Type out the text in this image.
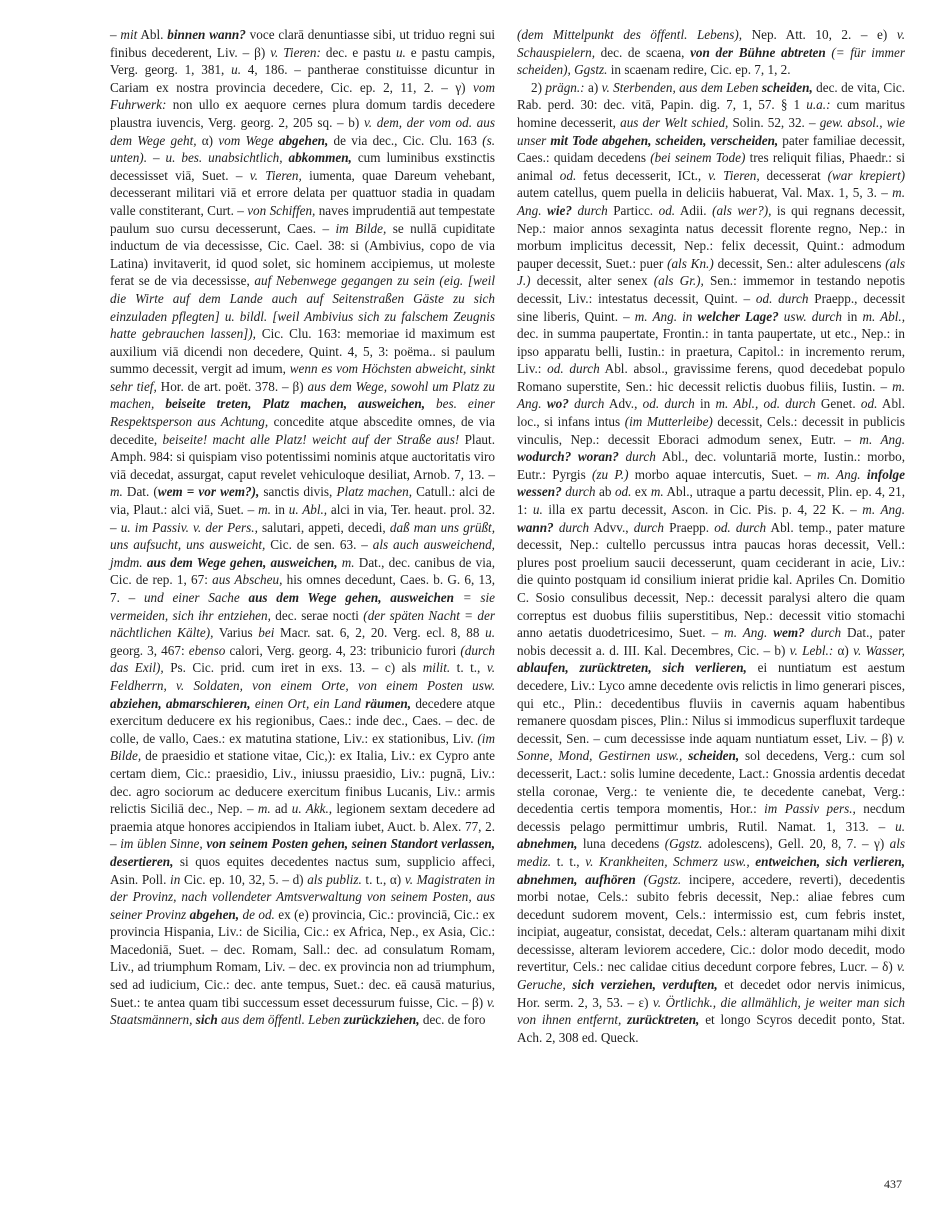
– mit Abl. binnen wann? voce clarā denuntiasse sibi, ut triduo regni sui finibus decederent, Liv. – β) v. Tieren: dec. e pastu u. e pastu campis, Verg. georg. 1, 381, u. 4, 186. – pantherae constituisse dicuntur in Cariam ex nostra provincia decedere, Cic. ep. 2, 11, 2. – γ) vom Fuhrwerk: non ullo ex aequore cernes plura domum tardis decedere plaustra iuvencis, Verg. georg. 2, 205 sq. – b) v. dem, der vom od. aus dem Wege geht, α) vom Wege abgehen, de via dec., Cic. Clu. 163 (s. unten). – u. bes. unabsichtlich, abkommen, cum luminibus exstinctis decessisset viā, Suet. – v. Tieren, iumenta, quae Dareum vehebant, decesserant militari viā et errore delata per quattuor stadia in quadam valle constiterant, Curt. – von Schiffen, naves imprudentiā aut tempestate paulum suo cursu decesserunt, Caes. – im Bilde, se nullā cupiditate inductum de via decessisse, Cic. Cael. 38: si (Ambivius, copo de via Latina) invitaverit, id quod solet, sic hominem accipiemus, ut moleste ferat se de via decessisse, auf Nebenwege gegangen zu sein (eig. [weil die Wirte auf dem Lande auch auf Seitenstraßen Gäste zu sich einzuladen pflegten] u. bildl. [weil Ambivius sich zu falschem Zeugnis hatte gebrauchen lassen]), Cic. Clu. 163: memoriae id maximum est auxilium viā dicendi non decedere, Quint. 4, 5, 3: poëma.. si paulum summo decessit, vergit ad imum, wenn es vom Höchsten abweicht, sinkt sehr tief, Hor. de art. poët. 378. – β) aus dem Wege, sowohl um Platz zu machen, beiseite treten, Platz machen, ausweichen, bes. einer Respektsperson aus Achtung, concedite atque abscedite omnes, de via decedite, beiseite! macht alle Platz! weicht auf der Straße aus! Plaut. Amph. 984: si quispiam viso potentissimi nominis atque auctoritatis viro viā decedat, assurgat, caput revelet vehiculoque desiliat, Arnob. 7, 13. – m. Dat. (wem = vor wem?), sanctis divis, Platz machen, Catull.: alci de via, Plaut.: alci viā, Suet. – m. in u. Abl., alci in via, Ter. heaut. prol. 32. – u. im Passiv. v. der Pers., salutari, appeti, decedi, daß man uns grüßt, uns aufsucht, uns ausweicht, Cic. de sen. 63. – als auch ausweichend, jmdm. aus dem Wege gehen, ausweichen, m. Dat., dec. canibus de via, Cic. de rep. 1, 67: aus Abscheu, his omnes decedunt, Caes. b. G. 6, 13, 7. – und einer Sache aus dem Wege gehen, ausweichen = sie vermeiden, sich ihr entziehen, dec. serae nocti (der späten Nacht = der nächtlichen Kälte), Varius bei Macr. sat. 6, 2, 20. Verg. ecl. 8, 88 u. georg. 3, 467: ebenso calori, Verg. georg. 4, 23: tribunicio furori (durch das Exil), Ps. Cic. prid. cum iret in exs. 13. – c) als milit. t. t., v. Feldherrn, v. Soldaten, von einem Orte, von einem Posten usw. abziehen, abmarschieren, einen Ort, ein Land räumen, decedere atque exercitum deducere ex his regionibus, Caes.: inde dec., Caes. – dec. de colle, de vallo, Caes.: ex matutina statione, Liv.: ex stationibus, Liv. (im Bilde, de praesidio et statione vitae, Cic,): ex Italia, Liv.: ex Cypro ante certam diem, Cic.: praesidio, Liv., iniussu praesidio, Liv.: pugnā, Liv.: dec. agro sociorum ac deducere exercitum finibus Lucanis, Liv.: armis relictis Siciliā dec., Nep. – m. ad u. Akk., legionem sextam decedere ad praemia atque honores accipiendos in Italiam iubet, Auct. b. Alex. 77, 2. – im üblen Sinne, von seinem Posten gehen, seinen Standort verlassen, desertieren, si quos equites decedentes nactus sum, supplicio affeci, Asin. Poll. in Cic. ep. 10, 32, 5. – d) als publiz. t. t., α) v. Magistraten in der Provinz, nach vollendeter Amtsverwaltung von seinem Posten, aus seiner Provinz abgehen, de od. ex (e) provincia, Cic.: provinciā, Cic.: ex provincia Hispania, Liv.: de Sicilia, Cic.: ex Africa, Nep., ex Asia, Cic.: Macedoniā, Suet. – dec. Romam, Sall.: dec. ad consulatum Romam, Liv., ad triumphum Romam, Liv. – dec. ex provincia non ad triumphum, sed ad iudicium, Cic.: dec. ante tempus, Suet.: dec. eā causā maturius, Suet.: te antea quam tibi successum esset decessurum fuisse, Cic. – β) v. Staatsmännern, sich aus dem öffentl. Leben zurückziehen, dec. de foro

(dem Mittelpunkt des öffentl. Lebens), Nep. Att. 10, 2. – e) v. Schauspielern, dec. de scaena, von der Bühne abtreten (= für immer scheiden), Ggstz. in scaenam redire, Cic. ep. 7, 1, 2.

2) prägn.: a) v. Sterbenden, aus dem Leben scheiden, dec. de vita, Cic. Rab. perd. 30: dec. vitā, Papin. dig. 7, 1, 57. § 1 u.a.: cum maritus homine decesserit, aus der Welt schied, Solin. 52, 32. – gew. absol., wie unser mit Tode abgehen, scheiden, verscheiden, pater familiae decessit, Caes.: quidam decedens (bei seinem Tode) tres reliquit filias, Phaedr.: si animal od. fetus decesserit, ICt., v. Tieren, decesserat (war krepiert) autem catellus, quem puella in deliciis habuerat, Val. Max. 1, 5, 3. – m. Ang. wie? durch Particc. od. Adii. (als wer?), is qui regnans decessit, Nep.: maior annos sexaginta natus decessit florente regno, Nep.: in morbum implicitus decessit, Nep.: felix decessit, Quint.: admodum pauper decessit, Suet.: puer (als Kn.) decessit, Sen.: alter adulescens (als J.) decessit, alter senex (als Gr.), Sen.: immemor in testando nepotis decessit, Liv.: intestatus decessit, Quint. – od. durch Praepp., decessit sine liberis, Quint. – m. Ang. in welcher Lage? usw. durch in m. Abl., dec. in summa paupertate, Frontin.: in tanta paupertate, ut etc., Nep.: in ipso apparatu belli, Iustin.: in praetura, Capitol.: in incremento rerum, Liv.: od. durch Abl. absol., gravissime ferens, quod decedebat populo Romano superstite, Sen.: hic decessit relictis duobus filiis, Iustin. – m. Ang. wo? durch Adv., od. durch in m. Abl., od. durch Genet. od. Abl. loc., si infans intus (im Mutterleibe) decessit, Cels.: decessit in publicis vinculis, Nep.: decessit Eboraci admodum senex, Eutr. – m. Ang. wodurch? woran? durch Abl., dec. voluntariā morte, Iustin.: morbo, Eutr.: Pyrgis (zu P.) morbo aquae intercutis, Suet. – m. Ang. infolge wessen? durch ab od. ex m. Abl., utraque a partu decessit, Plin. ep. 4, 21, 1: u. illa ex partu decessit, Ascon. in Cic. Pis. p. 4, 22 K. – m. Ang. wann? durch Advv., durch Praepp. od. durch Abl. temp., pater mature decessit, Nep.: cultello percussus intra paucas horas decessit, Vell.: plures post proelium saucii decesserunt, quam ceciderant in acie, Liv.: die quinto postquam id consilium inierat pridie kal. Apriles Cn. Domitio C. Sosio consulibus decessit, Nep.: decessit paralysi altero die quam correptus est duobus filiis superstitibus, Nep.: decessit vitio stomachi anno aetatis duodetricesimo, Suet. – m. Ang. wem? durch Dat., pater nobis decessit a. d. III. Kal. Decembres, Cic. – b) v. Lebl.: α) v. Wasser, ablaufen, zurücktreten, sich verlieren, ei nuntiatum est aestum decedere, Liv.: Lyco amne decedente ovis relictis in limo generari pisces, qui etc., Plin.: decedentibus fluviis in cavernis aquam habentibus remanere quosdam pisces, Plin.: Nilus si immodicus superfluxit tardeque decessit, Sen. – cum decessisse inde aquam nuntiatum esset, Liv. – β) v. Sonne, Mond, Gestirnen usw., scheiden, sol decedens, Verg.: cum sol decesserit, Lact.: solis lumine decedente, Lact.: Gnossia ardentis decedat stella coronae, Verg.: te veniente die, te decedente canebat, Verg.: decedentia certis tempora momentis, Hor.: im Passiv pers., necdum decessis pelago permittimur umbris, Rutil. Namat. 1, 313. – u. abnehmen, luna decedens (Ggstz. adolescens), Gell. 20, 8, 7. – γ) als mediz. t. t., v. Krankheiten, Schmerz usw., entweichen, sich verlieren, abnehmen, aufhören (Ggstz. incipere, accedere, reverti), decedentis morbi notae, Cels.: subito febris decessit, Nep.: aliae febres cum decedunt sudorem movent, Cels.: intermissio est, cum febris instet, incipiat, augeatur, consistat, decedat, Cels.: alteram quartanam mihi dixit decessisse, alteram leviorem accedere, Cic.: dolor modo decedit, modo revertitur, Cels.: nec calidae citius decedunt corpore febres, Lucr. – δ) v. Geruche, sich verziehen, verduften, et decedet odor nervis inimicus, Hor. serm. 2, 3, 53. – ε) v. Örtlichk., die allmählich, je weiter man sich von ihnen entfernt, zurücktreten, et longo Scyros decedit ponto, Stat. Ach. 2, 308 ed. Queck.

437
